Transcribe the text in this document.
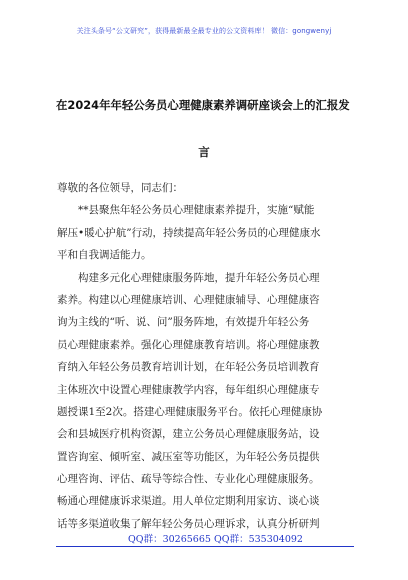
关注头条号“公文研究”，获得最新最全最专业的公文资料库！ 微信：gongwenyj
在2024年年轻公务员心理健康素养调研座谈会上的汇报发
言
尊敬的各位领导，同志们：
**县聚焦年轻公务员心理健康素养提升，实施“赋能
解压•暖心护航”行动，持续提高年轻公务员的心理健康水
平和自我调适能力。
构建多元化心理健康服务阵地，提升年轻公务员心理
素养。构建以心理健康培训、心理健康辅导、心理健康咨
询为主线的“听、说、问”服务阵地，有效提升年轻公务
员心理健康素养。强化心理健康教育培训。将心理健康教
育纳入年轻公务员教育培训计划，在年轻公务员培训教育
主体班次中设置心理健康教学内容，每年组织心理健康专
题授课1至2次。搭建心理健康服务平台。依托心理健康协
会和县城医疗机构资源，建立公务员心理健康服务站，设
置咨询室、倾听室、减压室等功能区，为年轻公务员提供
心理咨询、评估、疏导等综合性、专业化心理健康服务。
畅通心理健康诉求渠道。用人单位定期利用家访、谈心谈
话等多渠道收集了解年轻公务员心理诉求，认真分析研判
QQ群：30265665 QQ群：535304092
